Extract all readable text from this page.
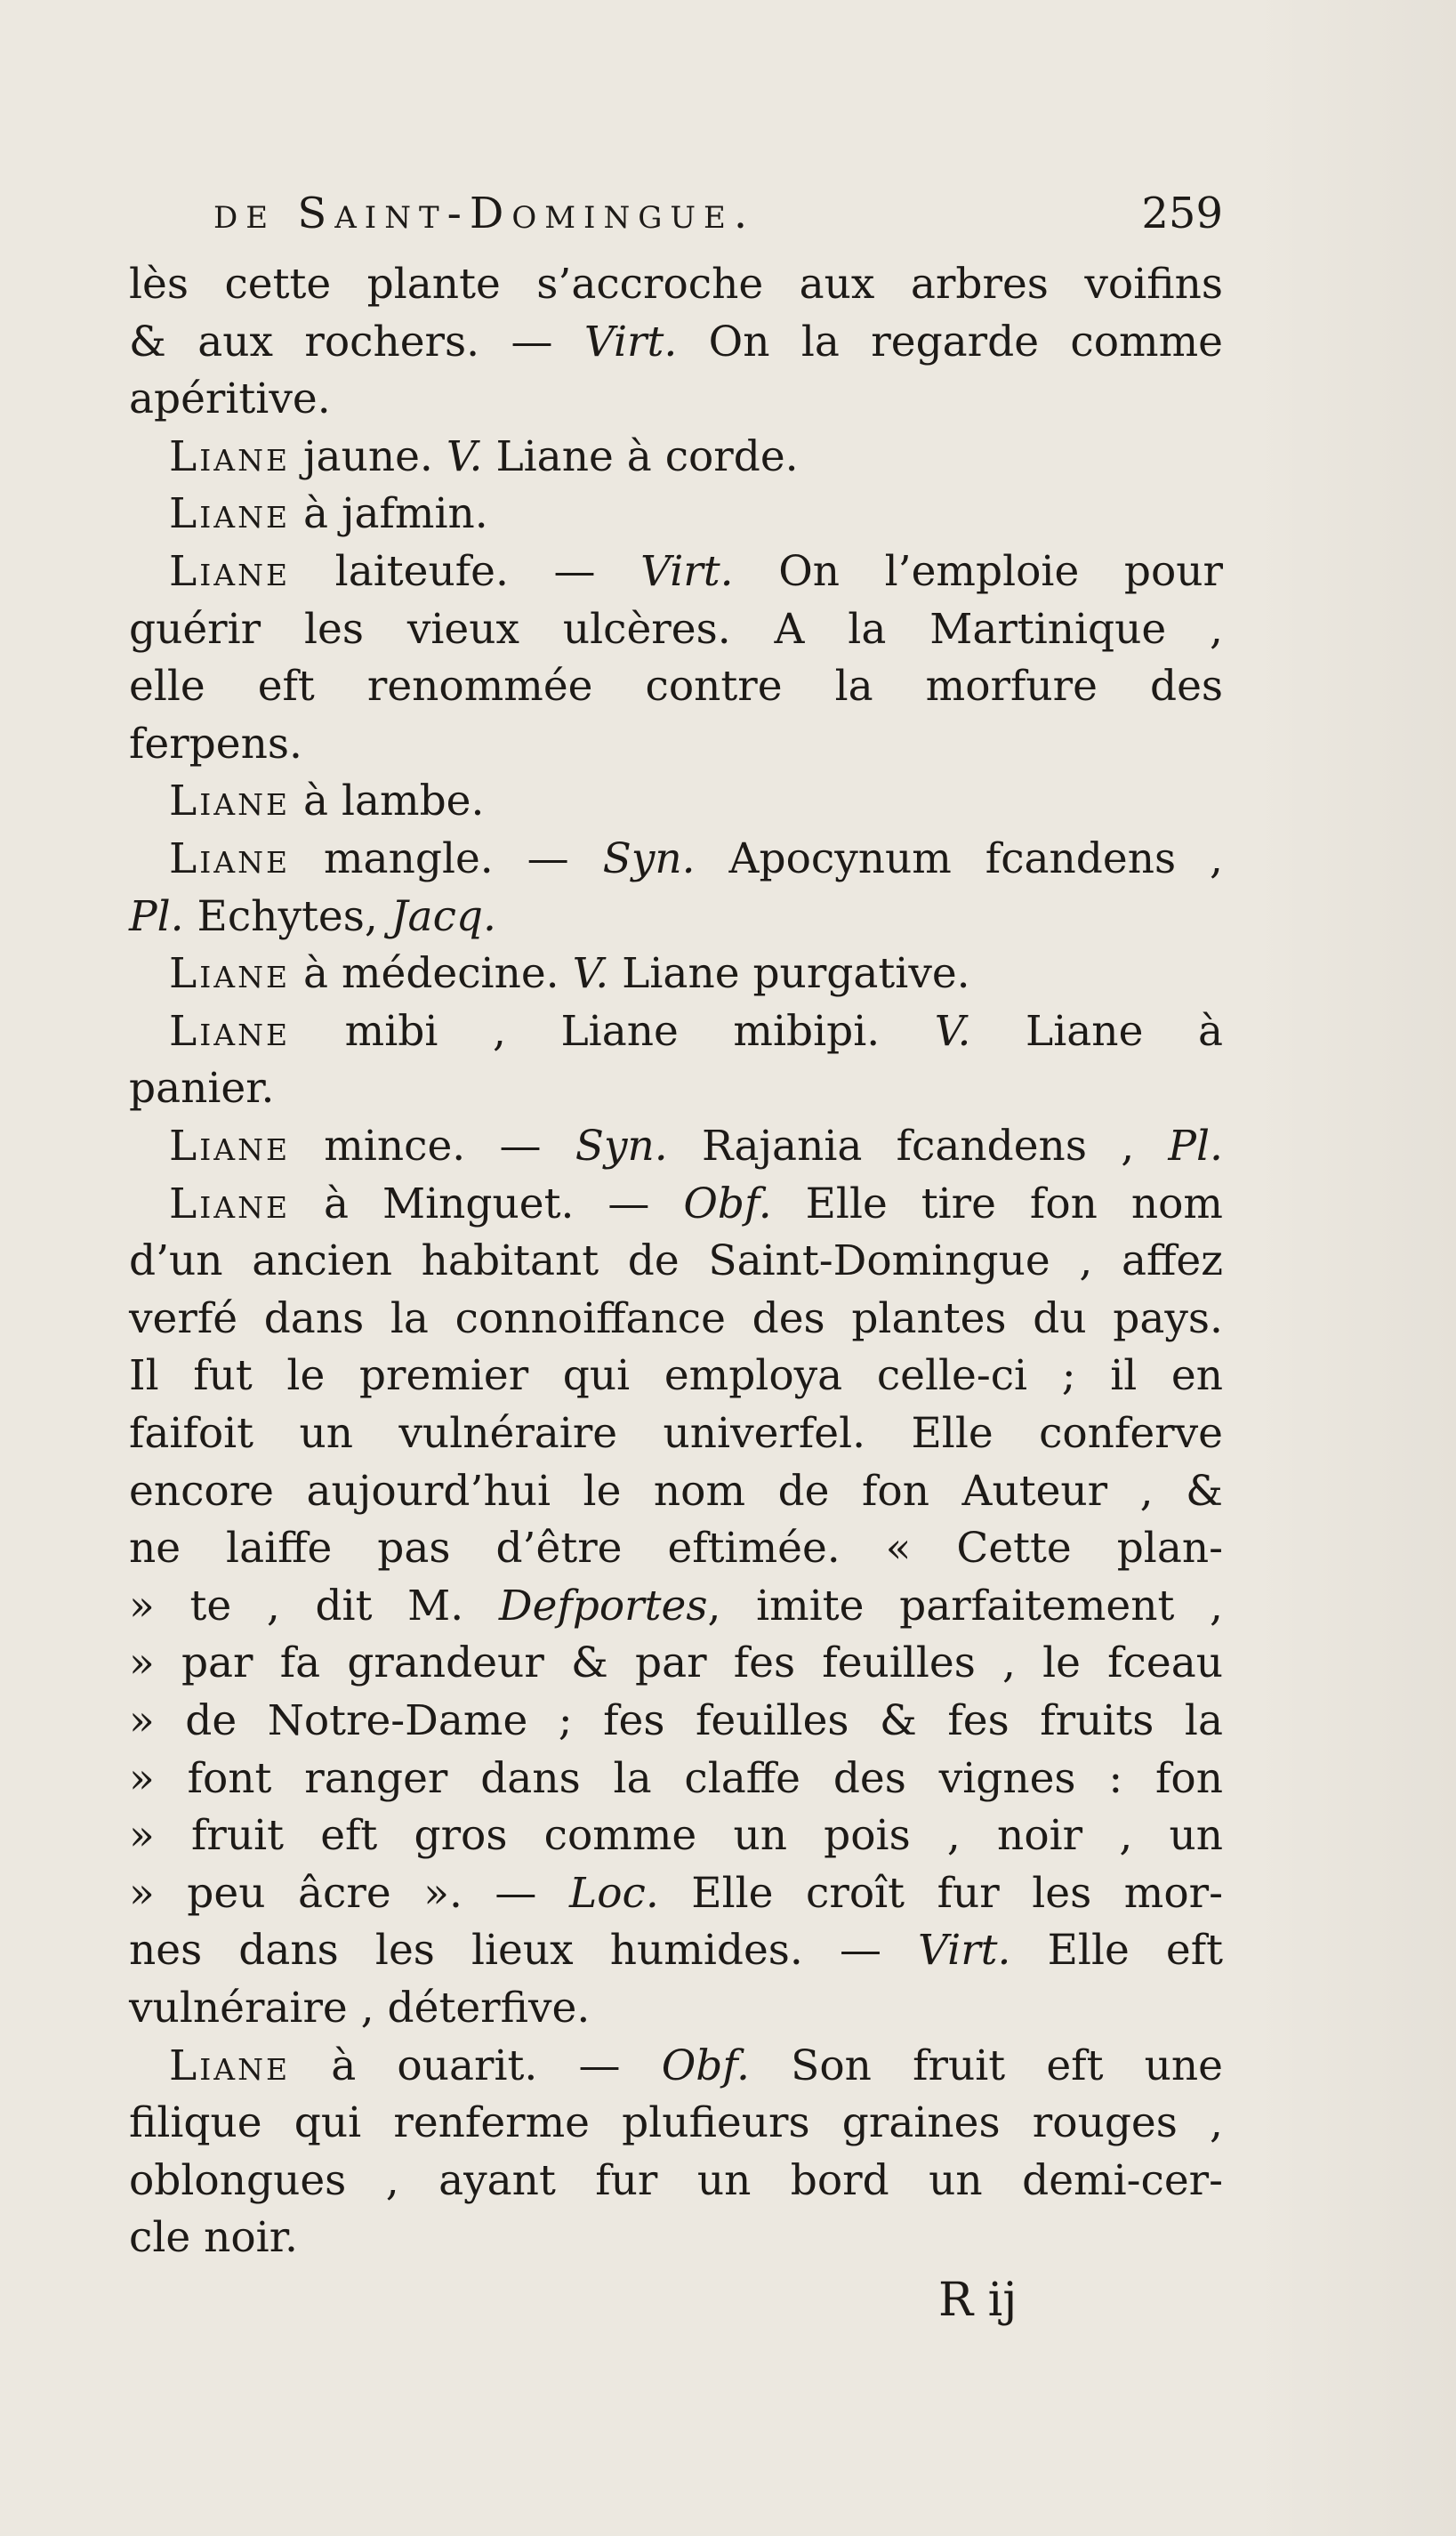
de Saint-Domingue.	259
lès cette plante s’accroche aux arbres voifins
& aux rochers. — Virt. On la regarde comme
apéritive.
Liane jaune. V. Liane à corde.
Liane à jafmin.
Liane laiteufe. — Virt. On l’emploie pour
guérir les vieux ulcères. A la Martinique ,
elle eft renommée contre la morfure des
ferpens.
Liane à lambe.
Liane mangle. — Syn. Apocynum fcandens ,
Pl. Echytes, Jacq.
Liane à médecine. V. Liane purgative.
Liane mibi , Liane mibipi. V. Liane à
panier.
Liane mince. — Syn. Rajania fcandens , Pl.
Liane à Minguet. — Obf. Elle tire fon nom
d’un ancien habitant de Saint-Domingue , affez
verfé dans la connoiffance des plantes du pays.
Il fut le premier qui employa celle-ci ; il en
faifoit un vulnéraire univerfel. Elle conferve
encore aujourd’hui le nom de fon Auteur , &
ne laiffe pas d’être eftimée. « Cette plan-
» te , dit M. Defportes, imite parfaitement ,
» par fa grandeur & par fes feuilles , le fceau
» de Notre-Dame ; fes feuilles & fes fruits la
» font ranger dans la claffe des vignes : fon
» fruit eft gros comme un pois , noir , un
» peu âcre ». — Loc. Elle croît fur les mor-
nes dans les lieux humides. — Virt. Elle eft
vulnéraire , déterfive.
Liane à ouarit. — Obf. Son fruit eft une
filique qui renferme plufieurs graines rouges ,
oblongues , ayant fur un bord un demi-cer-
cle noir.
R ij
